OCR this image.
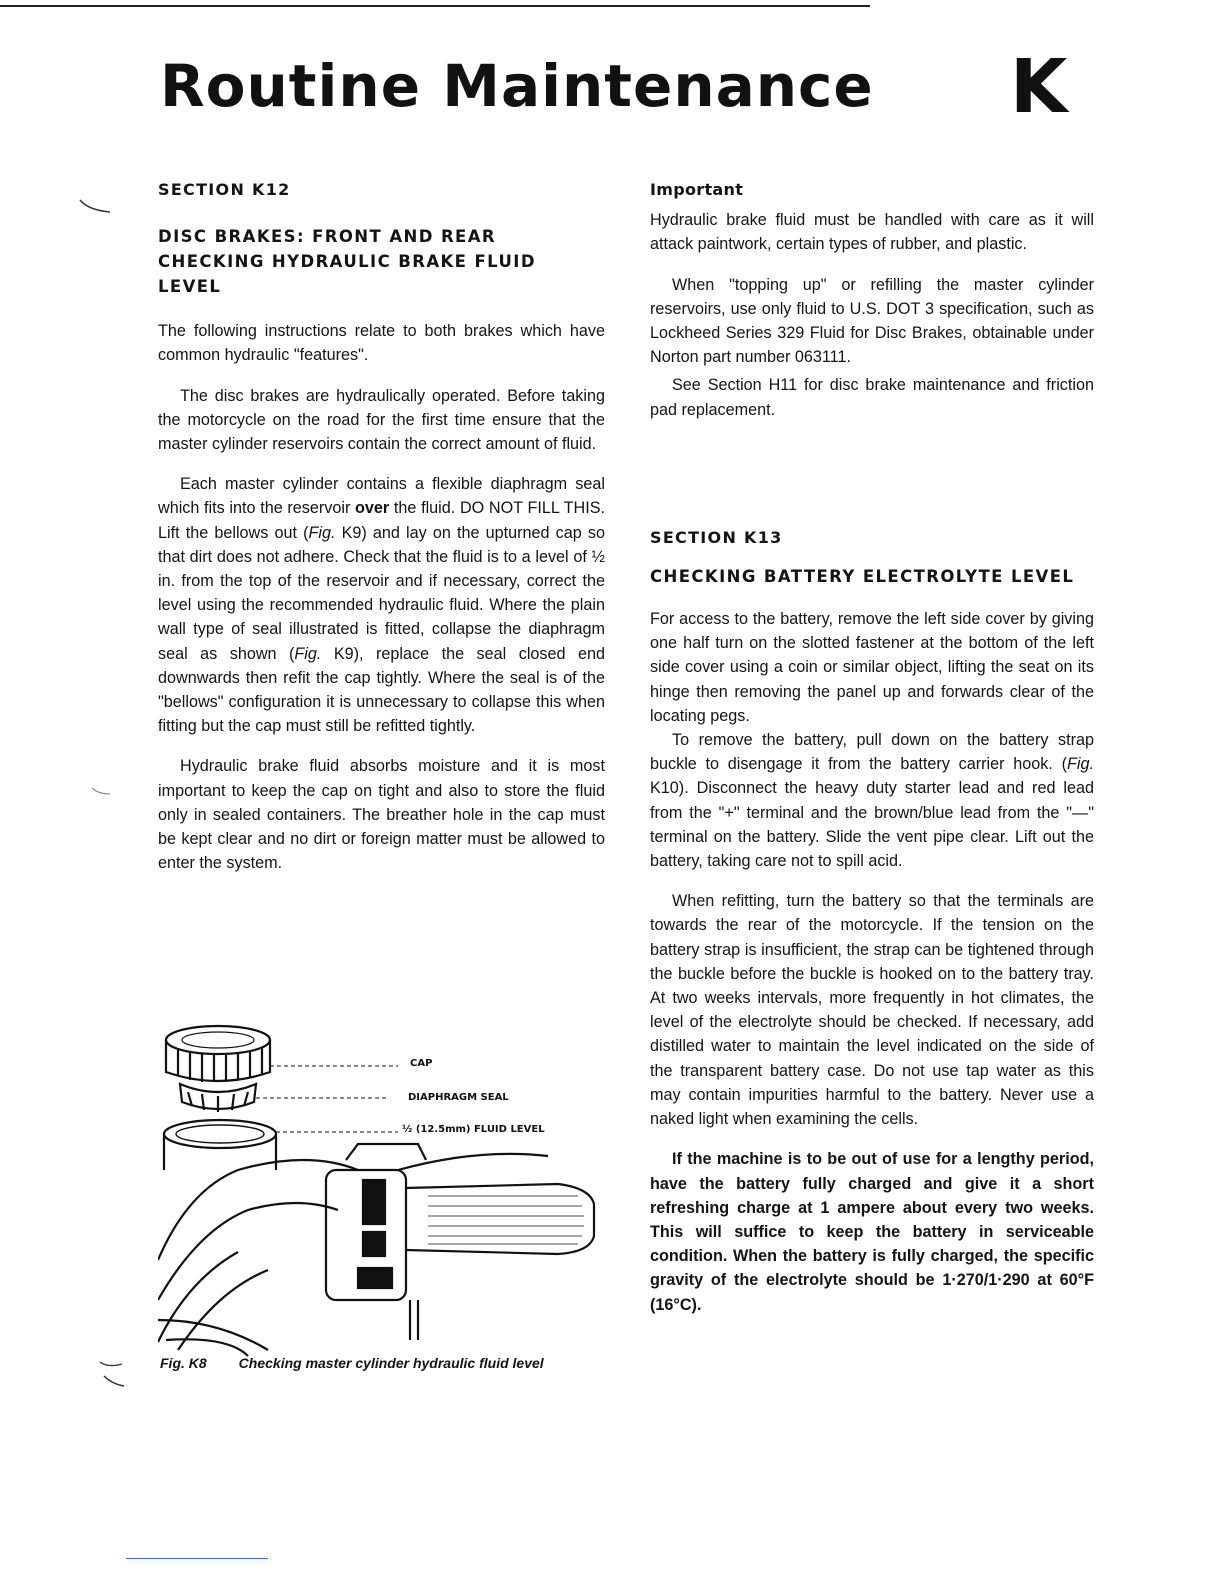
Routine Maintenance K

SECTION K12

DISC BRAKES: FRONT AND REAR
CHECKING HYDRAULIC BRAKE FLUID
LEVEL

The following instructions relate to both brakes which have common hydraulic "features".

The disc brakes are hydraulically operated. Before taking the motorcycle on the road for the first time ensure that the master cylinder reservoirs contain the correct amount of fluid.

Each master cylinder contains a flexible diaphragm seal which fits into the reservoir over the fluid. DO NOT FILL THIS. Lift the bellows out (Fig. K9) and lay on the upturned cap so that dirt does not adhere. Check that the fluid is to a level of ½ in. from the top of the reservoir and if necessary, correct the level using the recommended hydraulic fluid. Where the plain wall type of seal illustrated is fitted, collapse the diaphragm seal as shown (Fig. K9), replace the seal closed end downwards then refit the cap tightly. Where the seal is of the "bellows" configuration it is unnecessary to collapse this when fitting but the cap must still be refitted tightly.

Hydraulic brake fluid absorbs moisture and it is most important to keep the cap on tight and also to store the fluid only in sealed containers. The breather hole in the cap must be kept clear and no dirt or foreign matter must be allowed to enter the system.

CAP
DIAPHRAGM SEAL
½ (12.5mm) FLUID LEVEL
Fig. K8 Checking master cylinder hydraulic fluid level

Important

Hydraulic brake fluid must be handled with care as it will attack paintwork, certain types of rubber, and plastic.

When "topping up" or refilling the master cylinder reservoirs, use only fluid to U.S. DOT 3 specification, such as Lockheed Series 329 Fluid for Disc Brakes, obtainable under Norton part number 063111.

See Section H11 for disc brake maintenance and friction pad replacement.

SECTION K13

CHECKING BATTERY ELECTROLYTE LEVEL

For access to the battery, remove the left side cover by giving one half turn on the slotted fastener at the bottom of the left side cover using a coin or similar object, lifting the seat on its hinge then removing the panel up and forwards clear of the locating pegs.

To remove the battery, pull down on the battery strap buckle to disengage it from the battery carrier hook. (Fig. K10). Disconnect the heavy duty starter lead and red lead from the "+" terminal and the brown/blue lead from the "—" terminal on the battery. Slide the vent pipe clear. Lift out the battery, taking care not to spill acid.

When refitting, turn the battery so that the terminals are towards the rear of the motorcycle. If the tension on the battery strap is insufficient, the strap can be tightened through the buckle before the buckle is hooked on to the battery tray. At two weeks intervals, more frequently in hot climates, the level of the electrolyte should be checked. If necessary, add distilled water to maintain the level indicated on the side of the transparent battery case. Do not use tap water as this may contain impurities harmful to the battery. Never use a naked light when examining the cells.

If the machine is to be out of use for a lengthy period, have the battery fully charged and give it a short refreshing charge at 1 ampere about every two weeks. This will suffice to keep the battery in serviceable condition. When the battery is fully charged, the specific gravity of the electrolyte should be 1·270/1·290 at 60°F (16°C).
